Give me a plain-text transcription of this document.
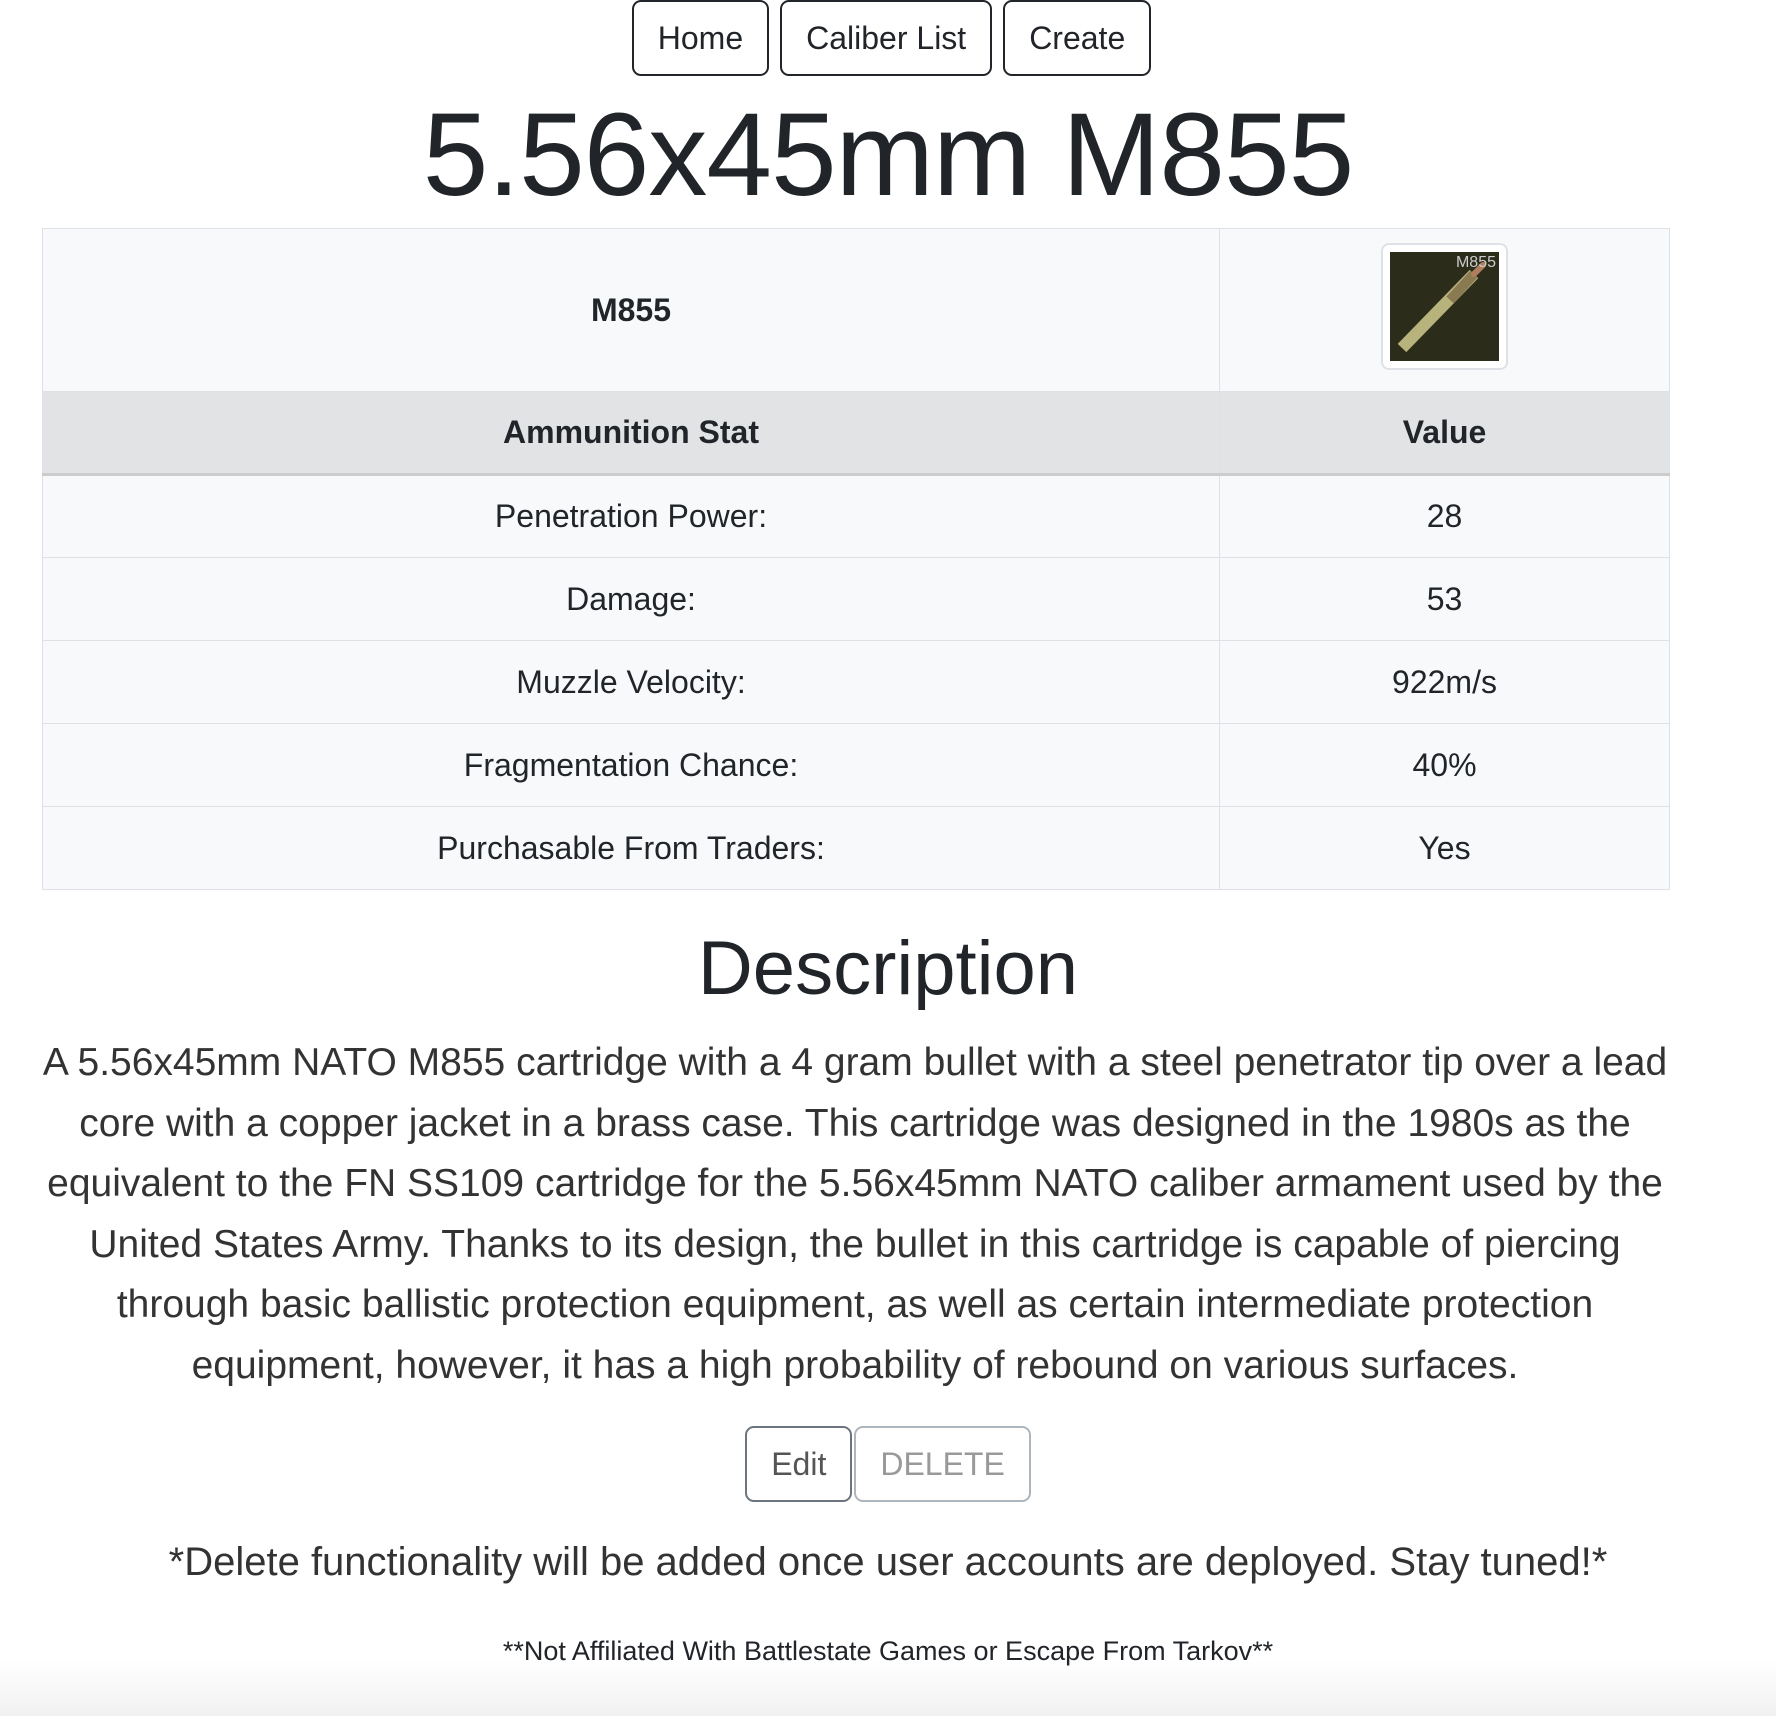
Home	Caliber List	Create
5.56x45mm M855
M855	M855

Ammunition Stat	Value
Penetration Power:	28
Damage:	53
Muzzle Velocity:	922m/s
Fragmentation Chance:	40%
Purchasable From Traders:	Yes
Description

A 5.56x45mm NATO M855 cartridge with a 4 gram bullet with a steel penetrator tip over a lead core with a copper jacket in a brass case. This cartridge was designed in the 1980s as the equivalent to the FN SS109 cartridge for the 5.56x45mm NATO caliber armament used by the United States Army. Thanks to its design, the bullet in this cartridge is capable of piercing through basic ballistic protection equipment, as well as certain intermediate protection equipment, however, it has a high probability of rebound on various surfaces.

Edit	DELETE

*Delete functionality will be added once user accounts are deployed. Stay tuned!*

**Not Affiliated With Battlestate Games or Escape From Tarkov**
